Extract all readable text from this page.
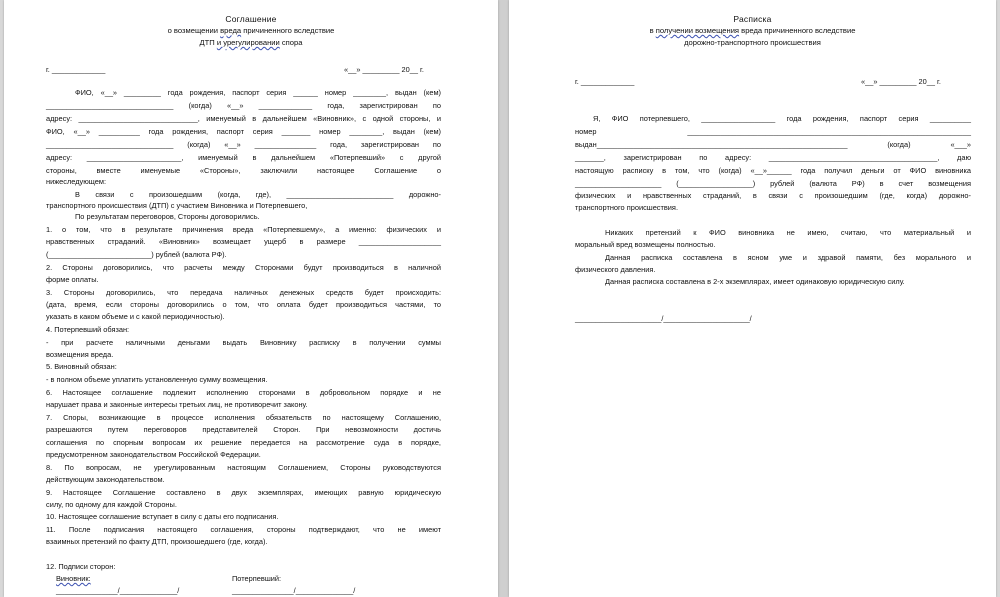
Соглашение
о возмещении вреда причиненного вследствие
ДТП и урегулировании спора
г. _____________	«__» _________ 20__ г.
ФИО, «__» _________ года рождения, паспорт серия ______ номер ________, выдан (кем)
_______________________________ (когда) «__» _____________ года, зарегистрирован по
адресу: _____________________________, именуемый в дальнейшем «Виновник», с одной стороны, и
ФИО, «__» __________ года рождения, паспорт серия _______ номер ________, выдан (кем)
_______________________________ (когда) «__» _______________ года, зарегистрирован по
адресу: _______________________, именуемый в дальнейшем «Потерпевший» с другой
стороны, вместе именуемые «Стороны», заключили настоящее Соглашение о
нижеследующем:
В связи с произошедшим (когда, где), __________________________ дорожно-
транспортного происшествия (ДТП) с участием Виновника и Потерпевшего,
По результатам переговоров, Стороны договорились.
1. о том, что в результате причинения вреда «Потерпевшему», а именно: физических и
нравственных страданий. «Виновник» возмещает ущерб в размере ____________________
(_________________________) рублей (валюта РФ).
2. Стороны договорились, что расчеты между Сторонами будут производиться в наличной
форме оплаты.
3. Стороны договорились, что передача наличных денежных средств будет происходить:
(дата, время, если стороны договорились о том, что оплата будет производиться частями, то
указать в каком объеме и с какой периодичностью).
4. Потерпевший обязан:
- при расчете наличными деньгами выдать Виновнику расписку в получении суммы
возмещения вреда.
5. Виновный обязан:
- в полном объеме уплатить установленную сумму возмещения.
6. Настоящее соглашение подлежит исполнению сторонами в добровольном порядке и не
нарушает права и законные интересы третьих лиц, не противоречит закону.
7. Споры, возникающие в процессе исполнения обязательств по настоящему Соглашению,
разрешаются путем переговоров представителей Сторон. При невозможности достичь
соглашения по спорным вопросам их решение передается на рассмотрение суда в порядке,
предусмотренном законодательством Российской Федерации.
8. По вопросам, не урегулированным настоящим Соглашением, Стороны руководствуются
действующим законодательством.
9. Настоящее Соглашение составлено в двух экземплярах, имеющих равную юридическую
силу, по одному для каждой Стороны.
10. Настоящее соглашение вступает в силу с даты его подписания.
11. После подписания настоящего соглашения, стороны подтверждают, что не имеют
взаимных претензий по факту ДТП, произошедшего (где, когда).
12. Подписи сторон:
Виновник:	Потерпевший:
_______________/______________/	_______________/______________/
Расписка
в получении возмещения вреда причиненного вследствие
дорожно-транспортного происшествия
г. _____________	«__» _________ 20__ г.
Я, ФИО потерпевшего, __________________ года рождения, паспорт серия __________
номер _____________________________________________________________________
выдан_____________________________________________________________ (когда) «___»
_______, зарегистрирован по адресу: _________________________________________, даю
настоящую расписку в том, что (когда) «__»______ года получил деньги от ФИО виновника
_____________________ (__________________) рублей (валюта РФ) в счет возмещения
физических и нравственных страданий, в связи с произошедшим (где, когда) дорожно-
транспортного происшествия.
Никаких претензий к ФИО виновника не имею, считаю, что материальный и
моральный вред возмещены полностью.
Данная расписка составлена в ясном уме и здравой памяти, без морального и
физического давления.
Данная расписка составлена в 2-х экземплярах, имеет одинаковую юридическую силу.
_____________________/_____________________/
